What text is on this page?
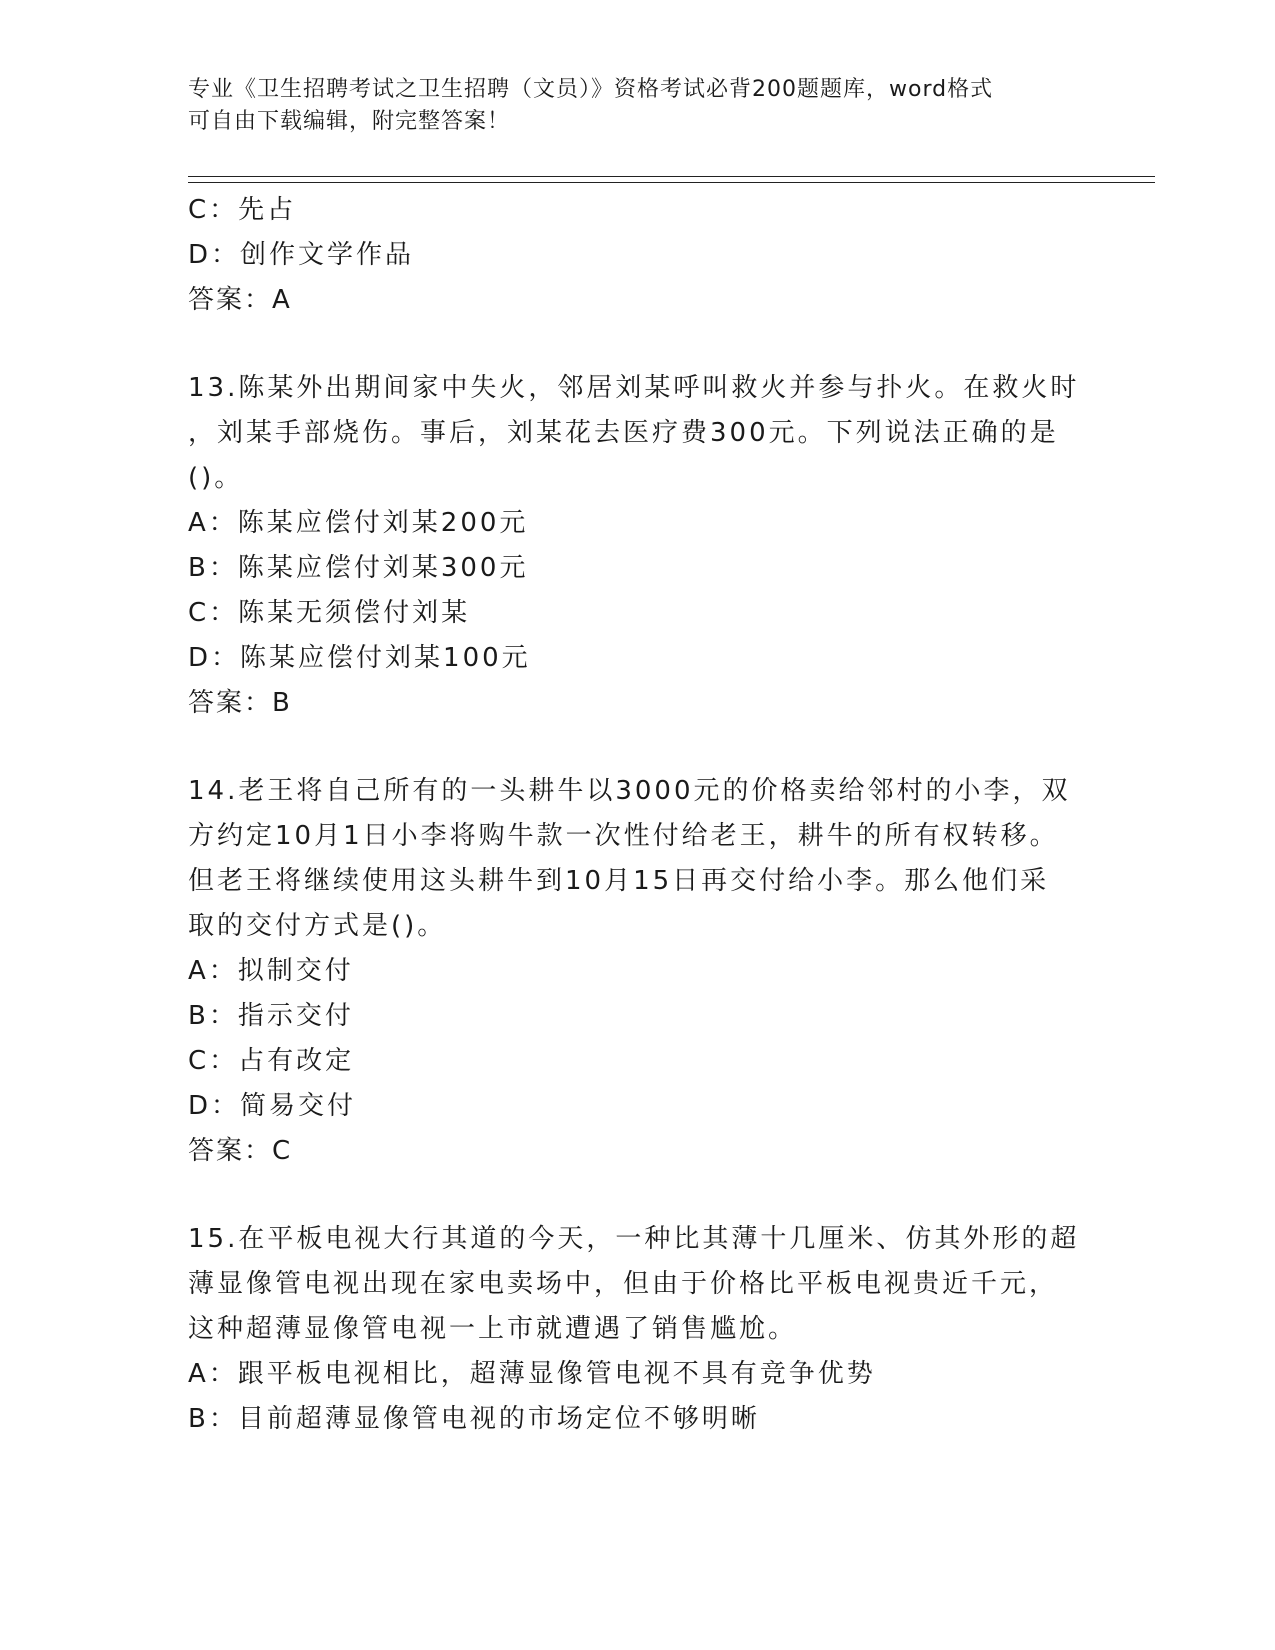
专业《卫生招聘考试之卫生招聘（文员）》资格考试必背200题题库，word格式
可自由下载编辑，附完整答案！
C：先占
D：创作文学作品
答案：A
13.陈某外出期间家中失火，邻居刘某呼叫救火并参与扑火。在救火时
，刘某手部烧伤。事后，刘某花去医疗费300元。下列说法正确的是
()。
A：陈某应偿付刘某200元
B：陈某应偿付刘某300元
C：陈某无须偿付刘某
D：陈某应偿付刘某100元
答案：B
14.老王将自己所有的一头耕牛以3000元的价格卖给邻村的小李，双
方约定10月1日小李将购牛款一次性付给老王，耕牛的所有权转移。
但老王将继续使用这头耕牛到10月15日再交付给小李。那么他们采
取的交付方式是()。
A：拟制交付
B：指示交付
C：占有改定
D：简易交付
答案：C
15.在平板电视大行其道的今天，一种比其薄十几厘米、仿其外形的超
薄显像管电视出现在家电卖场中，但由于价格比平板电视贵近千元，
这种超薄显像管电视一上市就遭遇了销售尴尬。
A：跟平板电视相比，超薄显像管电视不具有竞争优势
B：目前超薄显像管电视的市场定位不够明晰
